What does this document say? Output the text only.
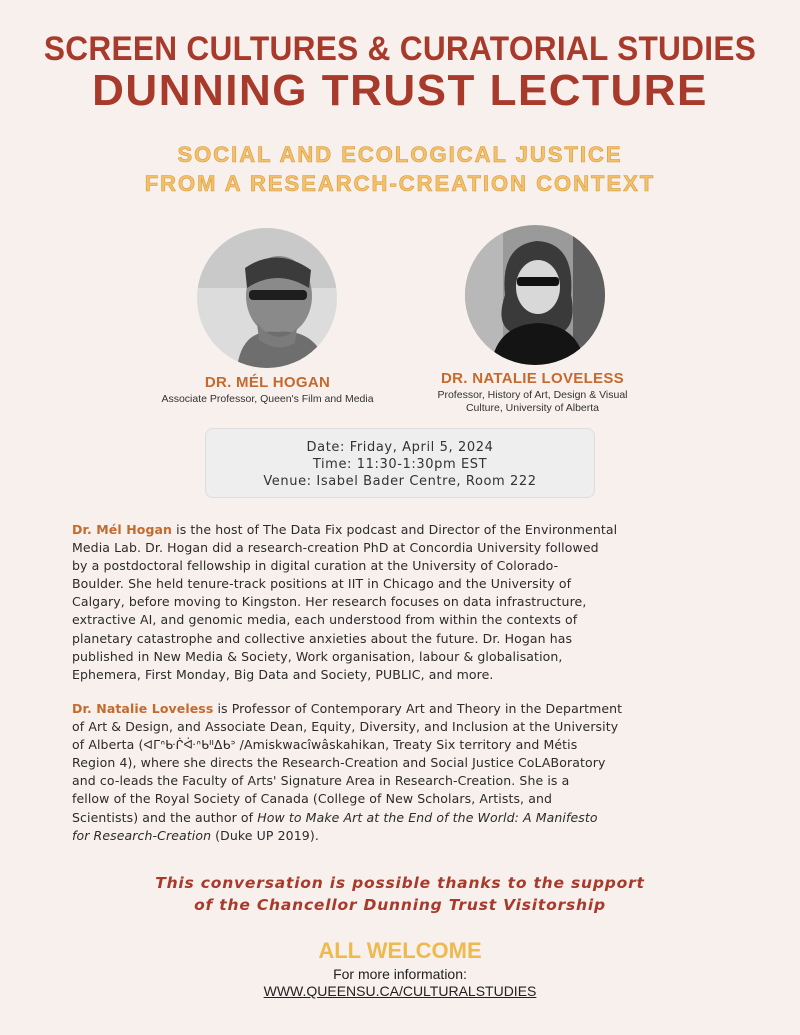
SCREEN CULTURES & CURATORIAL STUDIES
DUNNING TRUST LECTURE
SOCIAL AND ECOLOGICAL JUSTICE
FROM A RESEARCH-CREATION CONTEXT
DR. MÉL HOGAN
Associate Professor, Queen's Film and Media
DR. NATALIE LOVELESS
Professor, History of Art, Design & Visual
Culture, University of Alberta
Date: Friday, April 5, 2024
Time: 11:30-1:30pm EST
Venue: Isabel Bader Centre, Room 222
Dr. Mél Hogan is the host of The Data Fix podcast and Director of the Environmental
Media Lab. Dr. Hogan did a research-creation PhD at Concordia University followed
by a postdoctoral fellowship in digital curation at the University of Colorado-
Boulder. She held tenure-track positions at IIT in Chicago and the University of
Calgary, before moving to Kingston. Her research focuses on data infrastructure,
extractive AI, and genomic media, each understood from within the contexts of
planetary catastrophe and collective anxieties about the future. Dr. Hogan has
published in New Media & Society, Work organisation, labour & globalisation,
Ephemera, First Monday, Big Data and Society, PUBLIC, and more.
Dr. Natalie Loveless is Professor of Contemporary Art and Theory in the Department
of Art & Design, and Associate Dean, Equity, Diversity, and Inclusion at the University
of Alberta (ᐊᒥᐢᑿᒌᐚᐢᑲᐦᐃᑲᐣ /Amiskwacîwâskahikan, Treaty Six territory and Métis
Region 4), where she directs the Research-Creation and Social Justice CoLABoratory
and co-leads the Faculty of Arts' Signature Area in Research-Creation. She is a
fellow of the Royal Society of Canada (College of New Scholars, Artists, and
Scientists) and the author of How to Make Art at the End of the World: A Manifesto
for Research-Creation (Duke UP 2019).
This conversation is possible thanks to the support
of the Chancellor Dunning Trust Visitorship
ALL WELCOME
For more information:
WWW.QUEENSU.CA/CULTURALSTUDIES
